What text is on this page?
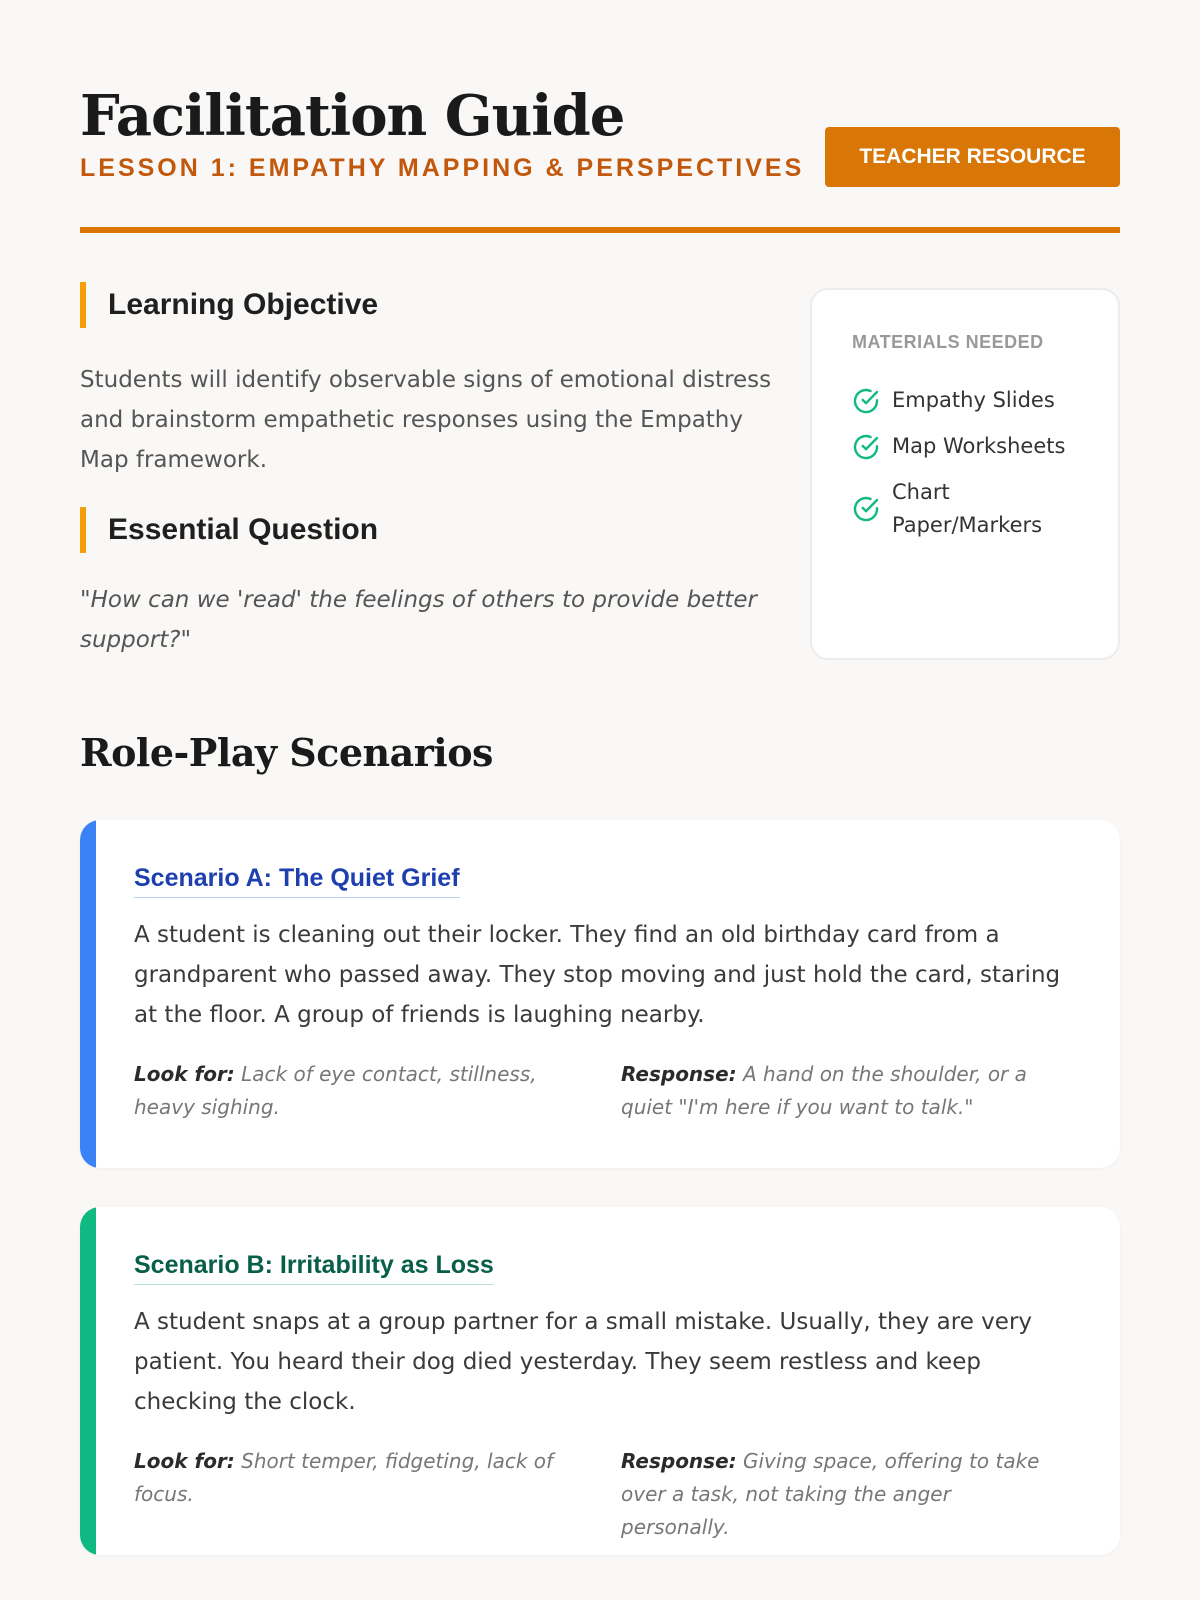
Facilitation Guide
LESSON 1: EMPATHY MAPPING & PERSPECTIVES	TEACHER RESOURCE
Learning Objective

Students will identify observable signs of emotional distress and brainstorm empathetic responses using the Empathy Map framework.

Essential Question

"How can we 'read' the feelings of others to provide better support?"

MATERIALS NEEDED
Empathy Slides
Map Worksheets
Chart Paper/Markers
Role-Play Scenarios
Scenario A: The Quiet Grief

A student is cleaning out their locker. They find an old birthday card from a grandparent who passed away. They stop moving and just hold the card, staring at the floor. A group of friends is laughing nearby.

Look for: Lack of eye contact, stillness, heavy sighing.
Response: A hand on the shoulder, or a quiet "I'm here if you want to talk."
Scenario B: Irritability as Loss

A student snaps at a group partner for a small mistake. Usually, they are very patient. You heard their dog died yesterday. They seem restless and keep checking the clock.

Look for: Short temper, fidgeting, lack of focus.
Response: Giving space, offering to take over a task, not taking the anger personally.
